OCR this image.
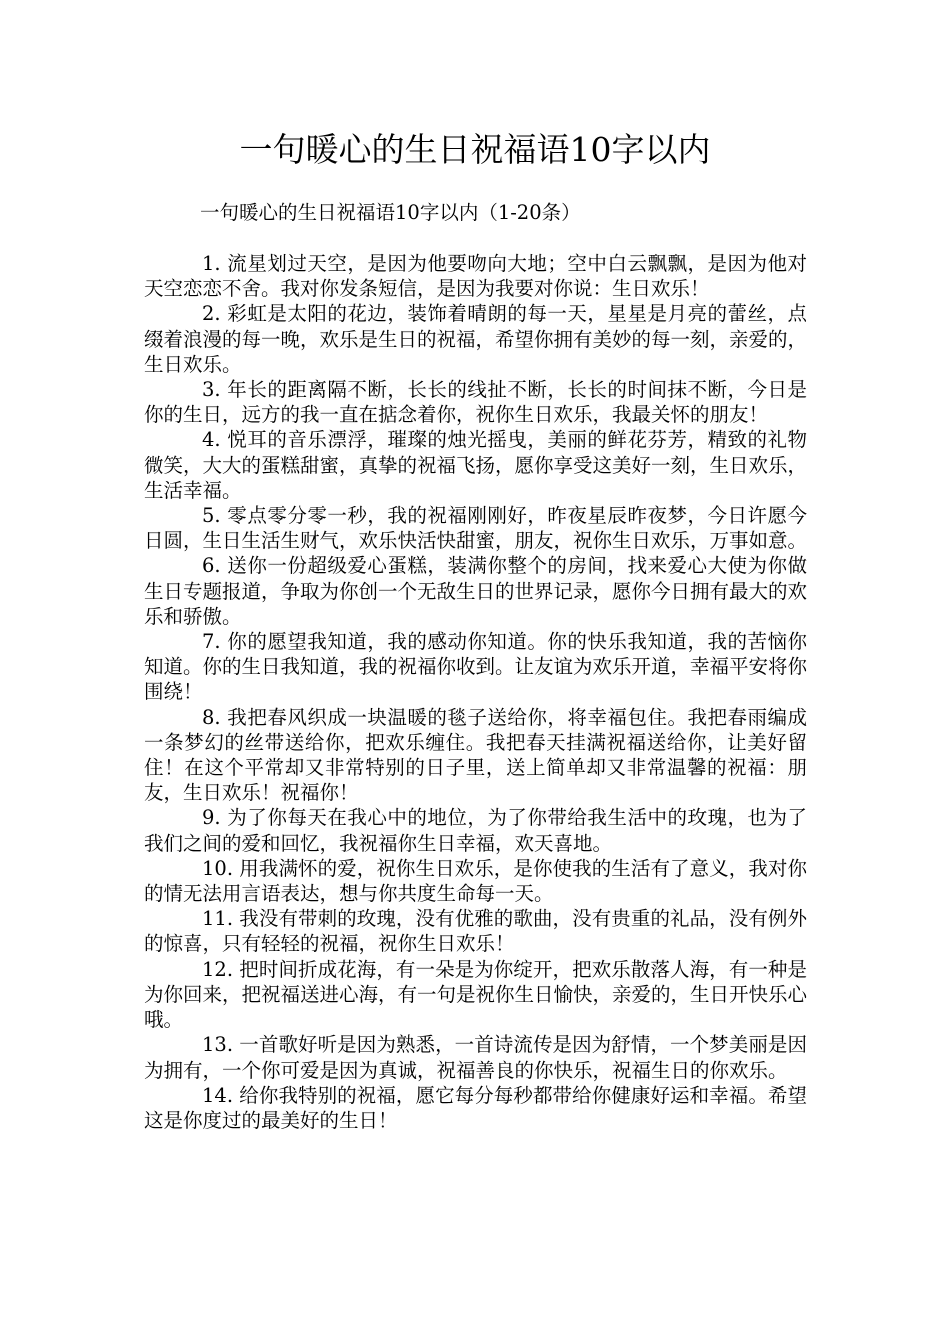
一句暖心的生日祝福语10字以内

一句暖心的生日祝福语10字以内（1-20条）

1. 流星划过天空，是因为他要吻向大地；空中白云飘飘，是因为他对天空恋恋不舍。我对你发条短信，是因为我要对你说：生日欢乐！

2. 彩虹是太阳的花边，装饰着晴朗的每一天，星星是月亮的蕾丝，点缀着浪漫的每一晚，欢乐是生日的祝福，希望你拥有美妙的每一刻，亲爱的，生日欢乐。

3. 年长的距离隔不断，长长的线扯不断，长长的时间抹不断，今日是你的生日，远方的我一直在掂念着你，祝你生日欢乐，我最关怀的朋友！

4. 悦耳的音乐漂浮，璀璨的烛光摇曳，美丽的鲜花芬芳，精致的礼物微笑，大大的蛋糕甜蜜，真挚的祝福飞扬，愿你享受这美好一刻，生日欢乐，生活幸福。

5. 零点零分零一秒，我的祝福刚刚好，昨夜星辰昨夜梦，今日许愿今日圆，生日生活生财气，欢乐快活快甜蜜，朋友，祝你生日欢乐，万事如意。

6. 送你一份超级爱心蛋糕，装满你整个的房间，找来爱心大使为你做生日专题报道，争取为你创一个无敌生日的世界记录，愿你今日拥有最大的欢乐和骄傲。

7. 你的愿望我知道，我的感动你知道。你的快乐我知道，我的苦恼你知道。你的生日我知道，我的祝福你收到。让友谊为欢乐开道，幸福平安将你围绕！

8. 我把春风织成一块温暖的毯子送给你，将幸福包住。我把春雨编成一条梦幻的丝带送给你，把欢乐缠住。我把春天挂满祝福送给你，让美好留住！在这个平常却又非常特别的日子里，送上简单却又非常温馨的祝福：朋友，生日欢乐！祝福你！

9. 为了你每天在我心中的地位，为了你带给我生活中的玫瑰，也为了我们之间的爱和回忆，我祝福你生日幸福，欢天喜地。

10. 用我满怀的爱，祝你生日欢乐，是你使我的生活有了意义，我对你的情无法用言语表达，想与你共度生命每一天。

11. 我没有带刺的玫瑰，没有优雅的歌曲，没有贵重的礼品，没有例外的惊喜，只有轻轻的祝福，祝你生日欢乐！

12. 把时间折成花海，有一朵是为你绽开，把欢乐散落人海，有一种是为你回来，把祝福送进心海，有一句是祝你生日愉快，亲爱的，生日开快乐心哦。

13. 一首歌好听是因为熟悉，一首诗流传是因为舒情，一个梦美丽是因为拥有，一个你可爱是因为真诚，祝福善良的你快乐，祝福生日的你欢乐。

14. 给你我特别的祝福，愿它每分每秒都带给你健康好运和幸福。希望这是你度过的最美好的生日！
